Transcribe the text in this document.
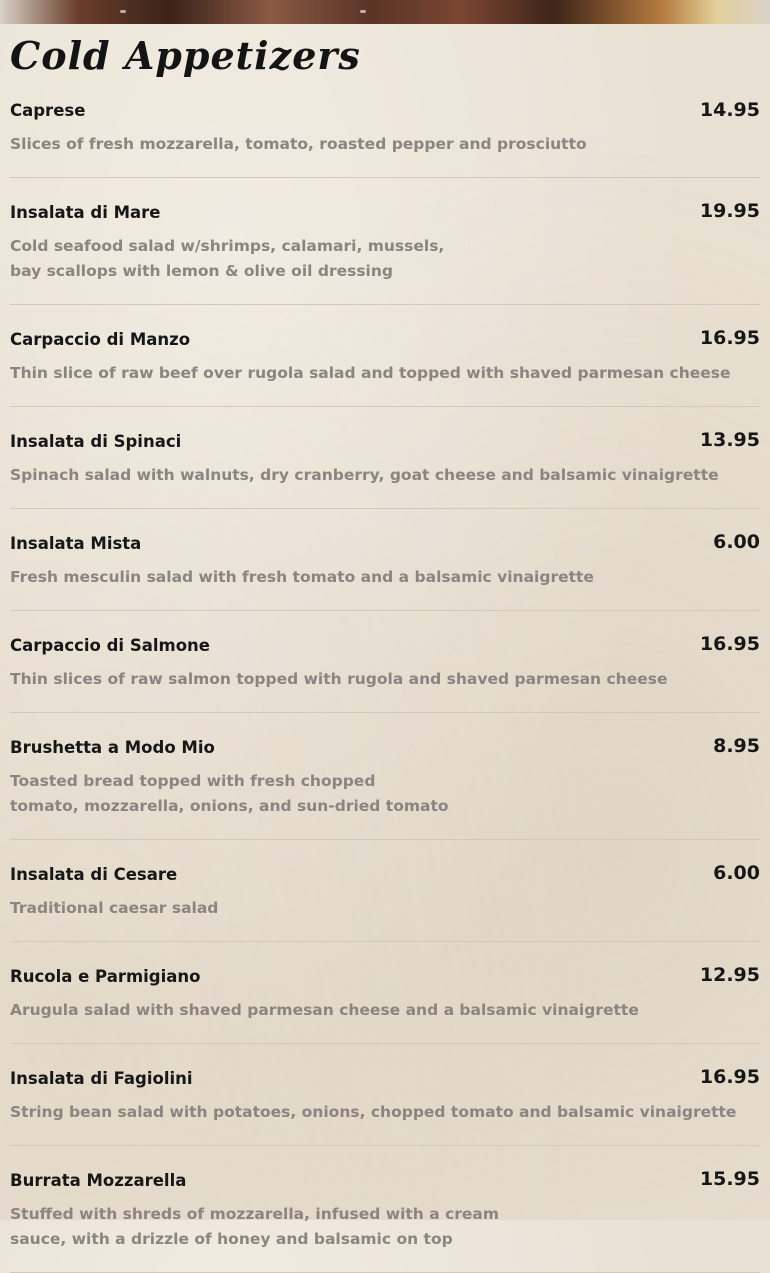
Cold Appetizers
Caprese	14.95
Slices of fresh mozzarella, tomato, roasted pepper and prosciutto
Insalata di Mare	19.95
Cold seafood salad w/shrimps, calamari, mussels,
bay scallops with lemon & olive oil dressing
Carpaccio di Manzo	16.95
Thin slice of raw beef over rugola salad and topped with shaved parmesan cheese
Insalata di Spinaci	13.95
Spinach salad with walnuts, dry cranberry, goat cheese and balsamic vinaigrette
Insalata Mista	6.00
Fresh mesculin salad with fresh tomato and a balsamic vinaigrette
Carpaccio di Salmone	16.95
Thin slices of raw salmon topped with rugola and shaved parmesan cheese
Brushetta a Modo Mio	8.95
Toasted bread topped with fresh chopped
tomato, mozzarella, onions, and sun-dried tomato
Insalata di Cesare	6.00
Traditional caesar salad
Rucola e Parmigiano	12.95
Arugula salad with shaved parmesan cheese and a balsamic vinaigrette
Insalata di Fagiolini	16.95
String bean salad with potatoes, onions, chopped tomato and balsamic vinaigrette
Burrata Mozzarella	15.95
Stuffed with shreds of mozzarella, infused with a cream
sauce, with a drizzle of honey and balsamic on top
